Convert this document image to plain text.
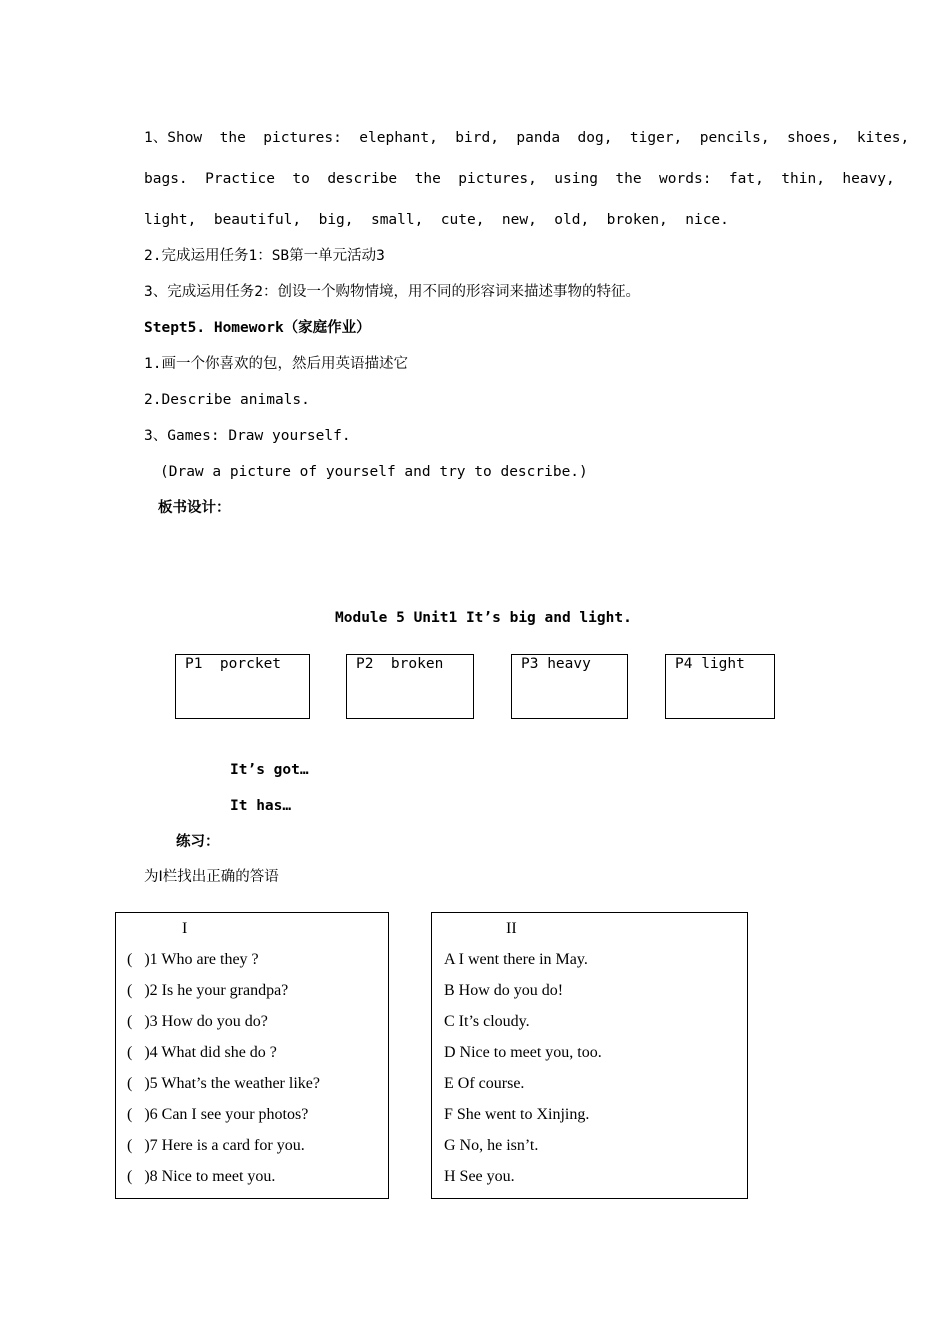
1、Show  the  pictures:  elephant,  bird,  panda  dog,  tiger,  pencils,  shoes,  kites,
bags.  Practice  to  describe  the  pictures,  using  the  words:  fat,  thin,  heavy,
light,  beautiful,  big,  small,  cute,  new,  old,  broken,  nice.
2.完成运用任务1：SB第一单元活动3
3、完成运用任务2：创设一个购物情境，用不同的形容词来描述事物的特征。
Stept5. Homework（家庭作业）
1.画一个你喜欢的包，然后用英语描述它
2.Describe animals.
3、Games: Draw yourself.
(Draw a picture of yourself and try to describe.)
板书设计：
Module 5 Unit1 It’s big and light.
P1  porcket	P2  broken	P3 heavy	P4 light
It’s got…
It has…
练习：
为Ⅰ栏找出正确的答语
I
(   )1 Who are they ?
(   )2 Is he your grandpa?
(   )3 How do you do?
(   )4 What did she do ?
(   )5 What’s the weather like?
(   )6 Can I see your photos?
(   )7 Here is a card for you.
(   )8 Nice to meet you.
II
A I went there in May.
B How do you do!
C It’s cloudy.
D Nice to meet you, too.
E Of course.
F She went to Xinjing.
G No, he isn’t.
H See you.
